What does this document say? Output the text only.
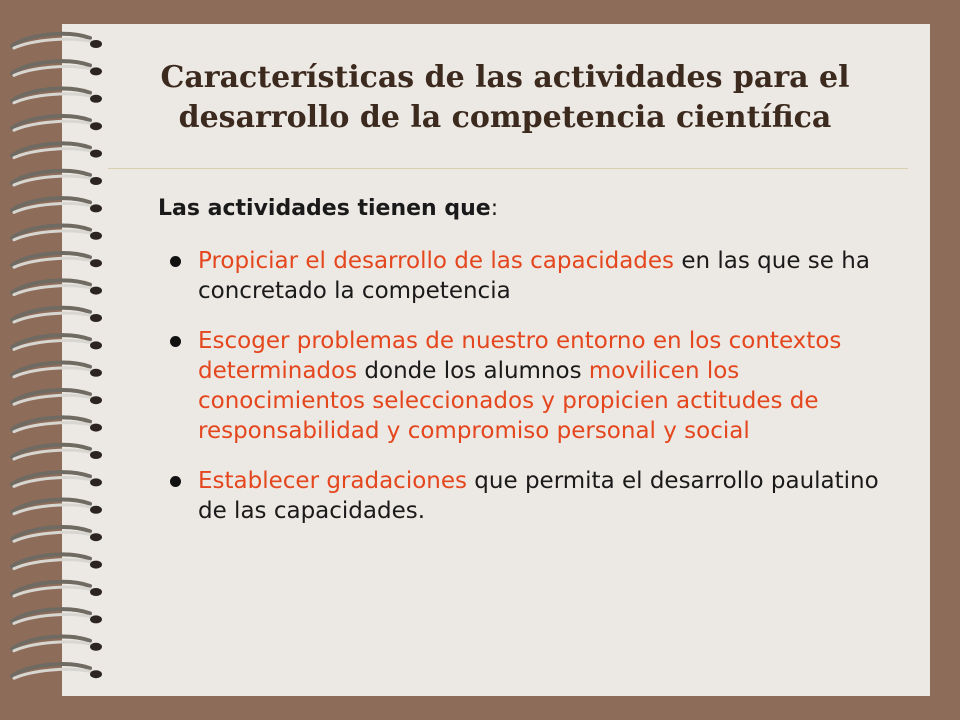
Características de las actividades para el
desarrollo de la competencia científica
Las actividades tienen que:
Propiciar el desarrollo de las capacidades en las que se ha concretado la competencia
Escoger problemas de nuestro entorno en los contextos determinados donde los alumnos movilicen los conocimientos seleccionados y propicien actitudes de responsabilidad y compromiso personal y social
Establecer gradaciones que permita el desarrollo paulatino de las capacidades.
